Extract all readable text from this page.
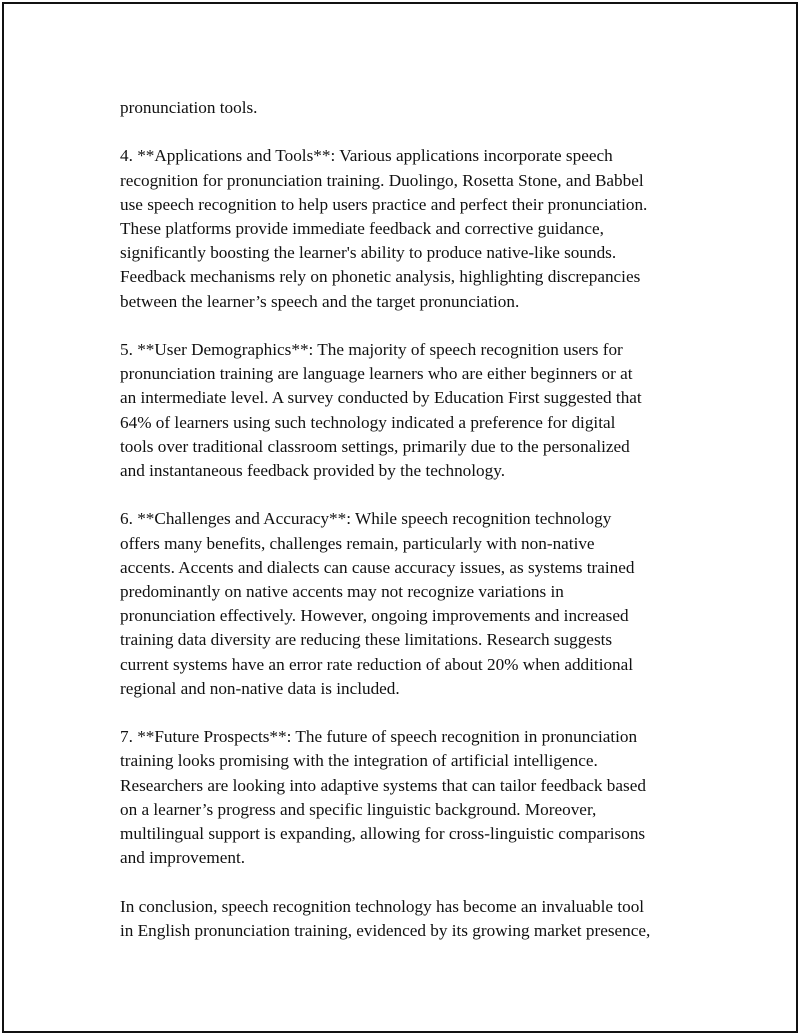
pronunciation tools.

4. **Applications and Tools**: Various applications incorporate speech
recognition for pronunciation training. Duolingo, Rosetta Stone, and Babbel
use speech recognition to help users practice and perfect their pronunciation.
These platforms provide immediate feedback and corrective guidance,
significantly boosting the learner's ability to produce native-like sounds.
Feedback mechanisms rely on phonetic analysis, highlighting discrepancies
between the learner’s speech and the target pronunciation.

5. **User Demographics**: The majority of speech recognition users for
pronunciation training are language learners who are either beginners or at
an intermediate level. A survey conducted by Education First suggested that
64% of learners using such technology indicated a preference for digital
tools over traditional classroom settings, primarily due to the personalized
and instantaneous feedback provided by the technology.

6. **Challenges and Accuracy**: While speech recognition technology
offers many benefits, challenges remain, particularly with non-native
accents. Accents and dialects can cause accuracy issues, as systems trained
predominantly on native accents may not recognize variations in
pronunciation effectively. However, ongoing improvements and increased
training data diversity are reducing these limitations. Research suggests
current systems have an error rate reduction of about 20% when additional
regional and non-native data is included.

7. **Future Prospects**: The future of speech recognition in pronunciation
training looks promising with the integration of artificial intelligence.
Researchers are looking into adaptive systems that can tailor feedback based
on a learner’s progress and specific linguistic background. Moreover,
multilingual support is expanding, allowing for cross-linguistic comparisons
and improvement.

In conclusion, speech recognition technology has become an invaluable tool
in English pronunciation training, evidenced by its growing market presence,
